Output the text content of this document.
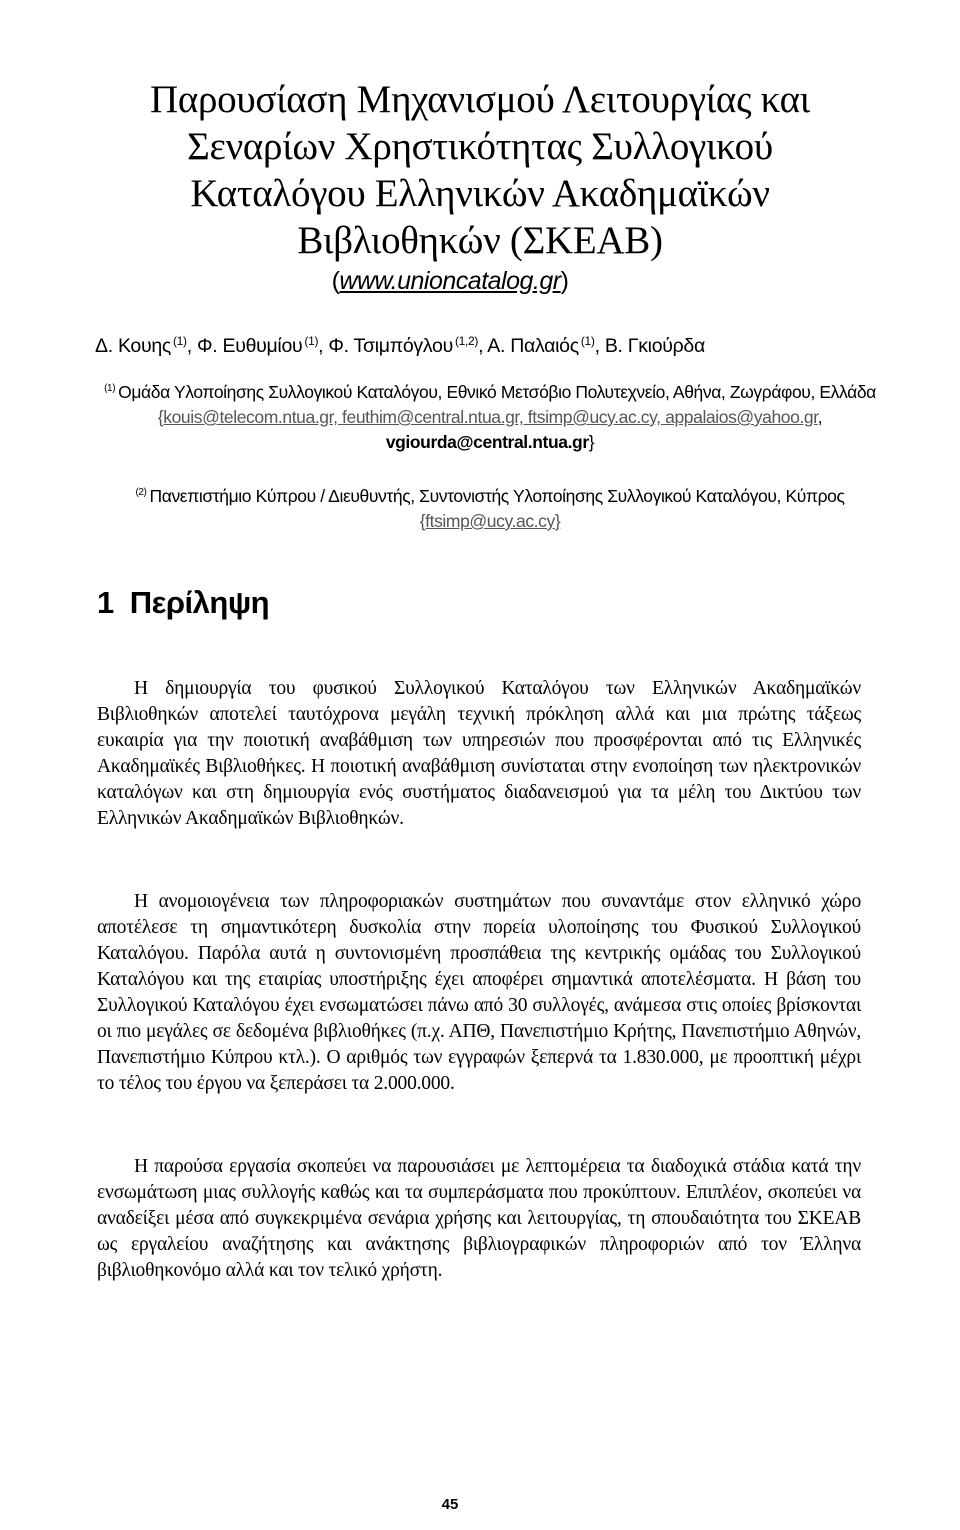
Παρουσίαση Μηχανισμού Λειτουργίας και
Σεναρίων Χρηστικότητας Συλλογικού
Καταλόγου Ελληνικών Ακαδημαϊκών
Βιβλιοθηκών (ΣΚΕΑΒ)
(www.unioncatalog.gr)
Δ. Κουης $^{(1)}$, Φ. Ευθυμίου $^{(1)}$, Φ. Τσιμπόγλου $^{(1,2)}$, Α. Παλαιός $^{(1)}$, Β. Γκιούρδα
$^{(1)}$ Ομάδα Υλοποίησης Συλλογικού Καταλόγου, Εθνικό Μετσόβιο Πολυτεχνείο, Αθήνα, Ζωγράφου, Ελλάδα {kouis@telecom.ntua.gr, feuthim@central.ntua.gr, ftsimp@ucy.ac.cy, appalaios@yahoo.gr, vgiourda@central.ntua.gr}
$^{(2)}$ Πανεπιστήμιο Κύπρου / Διευθυντής, Συντονιστής Υλοποίησης Συλλογικού Καταλόγου, Κύπρος {ftsimp@ucy.ac.cy}
1 Περίληψη

Η δημιουργία του φυσικού Συλλογικού Καταλόγου των Ελληνικών Ακαδημαϊκών Βιβλιοθηκών αποτελεί ταυτόχρονα μεγάλη τεχνική πρόκληση αλλά και μια πρώτης τάξεως ευκαιρία για την ποιοτική αναβάθμιση των υπηρεσιών που προσφέρονται από τις Ελληνικές Ακαδημαϊκές Βιβλιοθήκες. Η ποιοτική αναβάθμιση συνίσταται στην ενοποίηση των ηλεκτρονικών καταλόγων και στη δημιουργία ενός συστήματος διαδανεισμού για τα μέλη του Δικτύου των Ελληνικών Ακαδημαϊκών Βιβλιοθηκών.

Η ανομοιογένεια των πληροφοριακών συστημάτων που συναντάμε στον ελληνικό χώρο αποτέλεσε τη σημαντικότερη δυσκολία στην πορεία υλοποίησης του Φυσικού Συλλογικού Καταλόγου. Παρόλα αυτά η συντονισμένη προσπάθεια της κεντρικής ομάδας του Συλλογικού Καταλόγου και της εταιρίας υποστήριξης έχει αποφέρει σημαντικά αποτελέσματα. Η βάση του Συλλογικού Καταλόγου έχει ενσωματώσει πάνω από 30 συλλογές, ανάμεσα στις οποίες βρίσκονται οι πιο μεγάλες σε δεδομένα βιβλιοθήκες (π.χ. ΑΠΘ, Πανεπιστήμιο Κρήτης, Πανεπιστήμιο Αθηνών, Πανεπιστήμιο Κύπρου κτλ.). Ο αριθμός των εγγραφών ξεπερνά τα 1.830.000, με προοπτική μέχρι το τέλος του έργου να ξεπεράσει τα 2.000.000.

Η παρούσα εργασία σκοπεύει να παρουσιάσει με λεπτομέρεια τα διαδοχικά στάδια κατά την ενσωμάτωση μιας συλλογής καθώς και τα συμπεράσματα που προκύπτουν. Επιπλέον, σκοπεύει να αναδείξει μέσα από συγκεκριμένα σενάρια χρήσης και λειτουργίας, τη σπουδαιότητα του ΣΚΕΑΒ ως εργαλείου αναζήτησης και ανάκτησης βιβλιογραφικών πληροφοριών από τον Έλληνα βιβλιοθηκονόμο αλλά και τον τελικό χρήστη.

45
